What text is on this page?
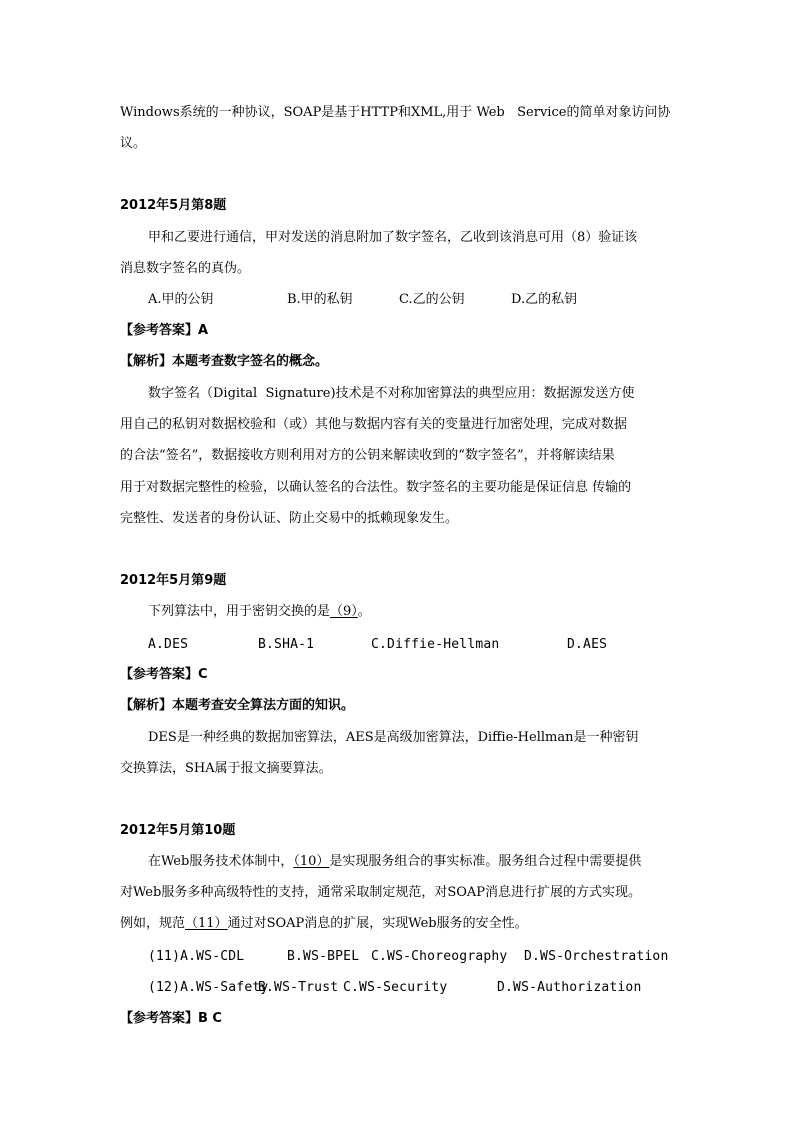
Windows系统的一种协议，SOAP是基于HTTP和XML,用于 Web   Service的简单对象访问协
议。
2012年5月第8题
甲和乙要进行通信，甲对发送的消息附加了数字签名，乙收到该消息可用（8）验证该
消息数字签名的真伪。
A.甲的公钥	B.甲的私钥	C.乙的公钥	D.乙的私钥
【参考答案】A
【解析】本题考查数字签名的概念。
数字签名（Digital  Signature)技术是不对称加密算法的典型应用：数据源发送方使
用自己的私钥对数据校验和（或）其他与数据内容有关的变量进行加密处理，完成对数据
的合法“签名”，数据接收方则利用对方的公钥来解读收到的“数字签名”，并将解读结果
用于对数据完整性的检验，以确认签名的合法性。数字签名的主要功能是保证信息 传输的
完整性、发送者的身份认证、防止交易中的抵赖现象发生。
2012年5月第9题
下列算法中，用于密钥交换的是（9）。
A.DES	B.SHA-1	C.Diffie-Hellman	D.AES
【参考答案】C
【解析】本题考查安全算法方面的知识。
DES是一种经典的数据加密算法，AES是高级加密算法，Diffie-Hellman是一种密钥
交换算法，SHA属于报文摘要算法。
2012年5月第10题
在Web服务技术体制中，（10）是实现服务组合的事实标准。服务组合过程中需要提供
对Web服务多种高级特性的支持，通常采取制定规范，对SOAP消息进行扩展的方式实现。
例如，规范（11）通过对SOAP消息的扩展，实现Web服务的安全性。
(11)A.WS-CDL	B.WS-BPEL C.WS-Choreography D.WS-Orchestration
(12)A.WS-Safety
B.WS-Trust C.WS-Security	D.WS-Authorization
【参考答案】B C
